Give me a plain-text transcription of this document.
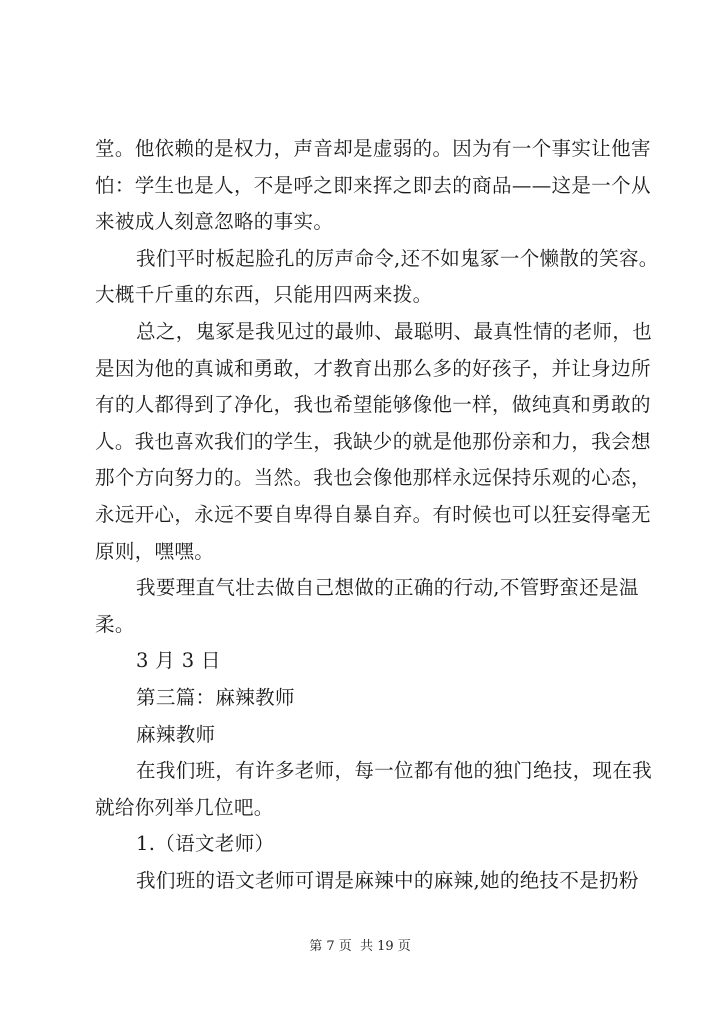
堂。他依赖的是权力，声音却是虚弱的。因为有一个事实让他害
怕：学生也是人，不是呼之即来挥之即去的商品——这是一个从
来被成人刻意忽略的事实。
我们平时板起脸孔的厉声命令,还不如鬼冢一个懒散的笑容。
大概千斤重的东西，只能用四两来拨。
总之，鬼冢是我见过的最帅、最聪明、最真性情的老师，也
是因为他的真诚和勇敢，才教育出那么多的好孩子，并让身边所
有的人都得到了净化，我也希望能够像他一样，做纯真和勇敢的
人。我也喜欢我们的学生，我缺少的就是他那份亲和力，我会想
那个方向努力的。当然。我也会像他那样永远保持乐观的心态，
永远开心，永远不要自卑得自暴自弃。有时候也可以狂妄得毫无
原则，嘿嘿。
我要理直气壮去做自己想做的正确的行动,不管野蛮还是温
柔。
3 月 3 日
第三篇：麻辣教师
麻辣教师
在我们班，有许多老师，每一位都有他的独门绝技，现在我
就给你列举几位吧。
1.（语文老师）
我们班的语文老师可谓是麻辣中的麻辣,她的绝技不是扔粉
第 7 页 共 19 页
